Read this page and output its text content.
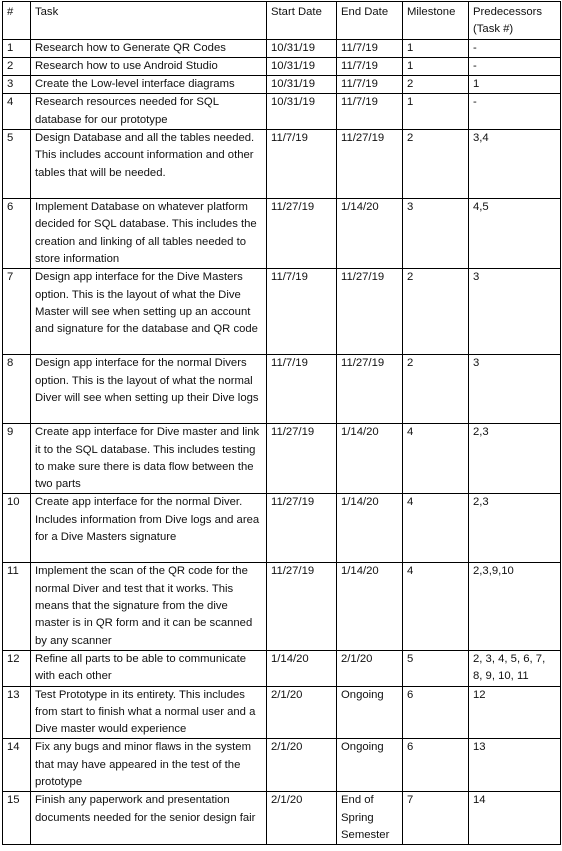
#	Task	Start Date	End Date	Milestone	Predecessors (Task #)
1	Research how to Generate QR Codes	10/31/19	11/7/19	1	-
2	Research how to use Android Studio	10/31/19	11/7/19	1	-
3	Create the Low-level interface diagrams	10/31/19	11/7/19	2	1
4	Research resources needed for SQL database for our prototype	10/31/19	11/7/19	1	-
5	Design Database and all the tables needed. This includes account information and other tables that will be needed.	11/7/19	11/27/19	2	3,4
6	Implement Database on whatever platform decided for SQL database. This includes the creation and linking of all tables needed to store information	11/27/19	1/14/20	3	4,5
7	Design app interface for the Dive Masters option. This is the layout of what the Dive Master will see when setting up an account and signature for the database and QR code	11/7/19	11/27/19	2	3
8	Design app interface for the normal Divers option. This is the layout of what the normal Diver will see when setting up their Dive logs	11/7/19	11/27/19	2	3
9	Create app interface for Dive master and link it to the SQL database. This includes testing to make sure there is data flow between the two parts	11/27/19	1/14/20	4	2,3
10	Create app interface for the normal Diver. Includes information from Dive logs and area for a Dive Masters signature	11/27/19	1/14/20	4	2,3
11	Implement the scan of the QR code for the normal Diver and test that it works. This means that the signature from the dive master is in QR form and it can be scanned by any scanner	11/27/19	1/14/20	4	2,3,9,10
12	Refine all parts to be able to communicate with each other	1/14/20	2/1/20	5	2, 3, 4, 5, 6, 7, 8, 9, 10, 11
13	Test Prototype in its entirety. This includes from start to finish what a normal user and a Dive master would experience	2/1/20	Ongoing	6	12
14	Fix any bugs and minor flaws in the system that may have appeared in the test of the prototype	2/1/20	Ongoing	6	13
15	Finish any paperwork and presentation documents needed for the senior design fair	2/1/20	End of Spring Semester	7	14
